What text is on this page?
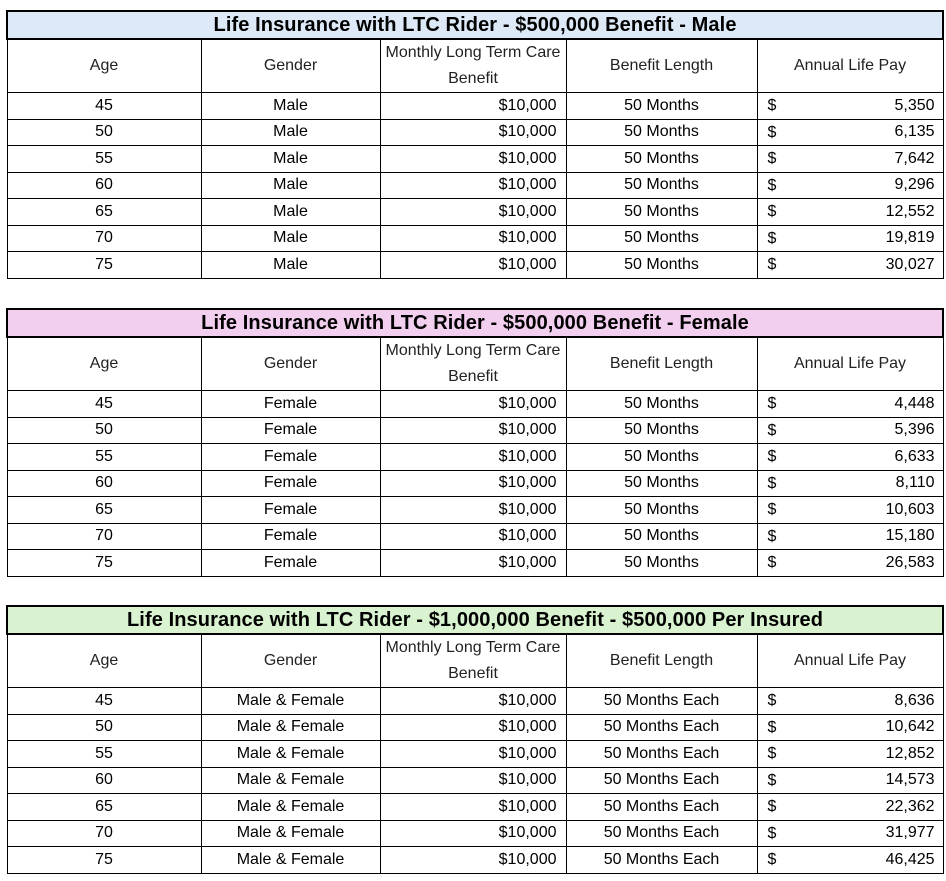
Life Insurance with LTC Rider - $500,000 Benefit - Male				
Age	Gender	Monthly Long Term Care Benefit	Benefit Length	Annual Life Pay
45	Male	$10,000	50 Months	$ 5,350

50	Male	$10,000	50 Months	$ 6,135

55	Male	$10,000	50 Months	$ 7,642

60	Male	$10,000	50 Months	$ 9,296

65	Male	$10,000	50 Months	$ 12,552

70	Male	$10,000	50 Months	$ 19,819

75	Male	$10,000	50 Months	$ 30,027
Life Insurance with LTC Rider - $500,000 Benefit - Female				
Age	Gender	Monthly Long Term Care Benefit	Benefit Length	Annual Life Pay
45	Female	$10,000	50 Months	$ 4,448

50	Female	$10,000	50 Months	$ 5,396

55	Female	$10,000	50 Months	$ 6,633

60	Female	$10,000	50 Months	$ 8,110

65	Female	$10,000	50 Months	$ 10,603

70	Female	$10,000	50 Months	$ 15,180

75	Female	$10,000	50 Months	$ 26,583
Life Insurance with LTC Rider - $1,000,000 Benefit - $500,000 Per Insured				
Age	Gender	Monthly Long Term Care Benefit	Benefit Length	Annual Life Pay
45	Male & Female	$10,000	50 Months Each	$ 8,636

50	Male & Female	$10,000	50 Months Each	$ 10,642

55	Male & Female	$10,000	50 Months Each	$ 12,852

60	Male & Female	$10,000	50 Months Each	$ 14,573

65	Male & Female	$10,000	50 Months Each	$ 22,362

70	Male & Female	$10,000	50 Months Each	$ 31,977

75	Male & Female	$10,000	50 Months Each	$ 46,425
